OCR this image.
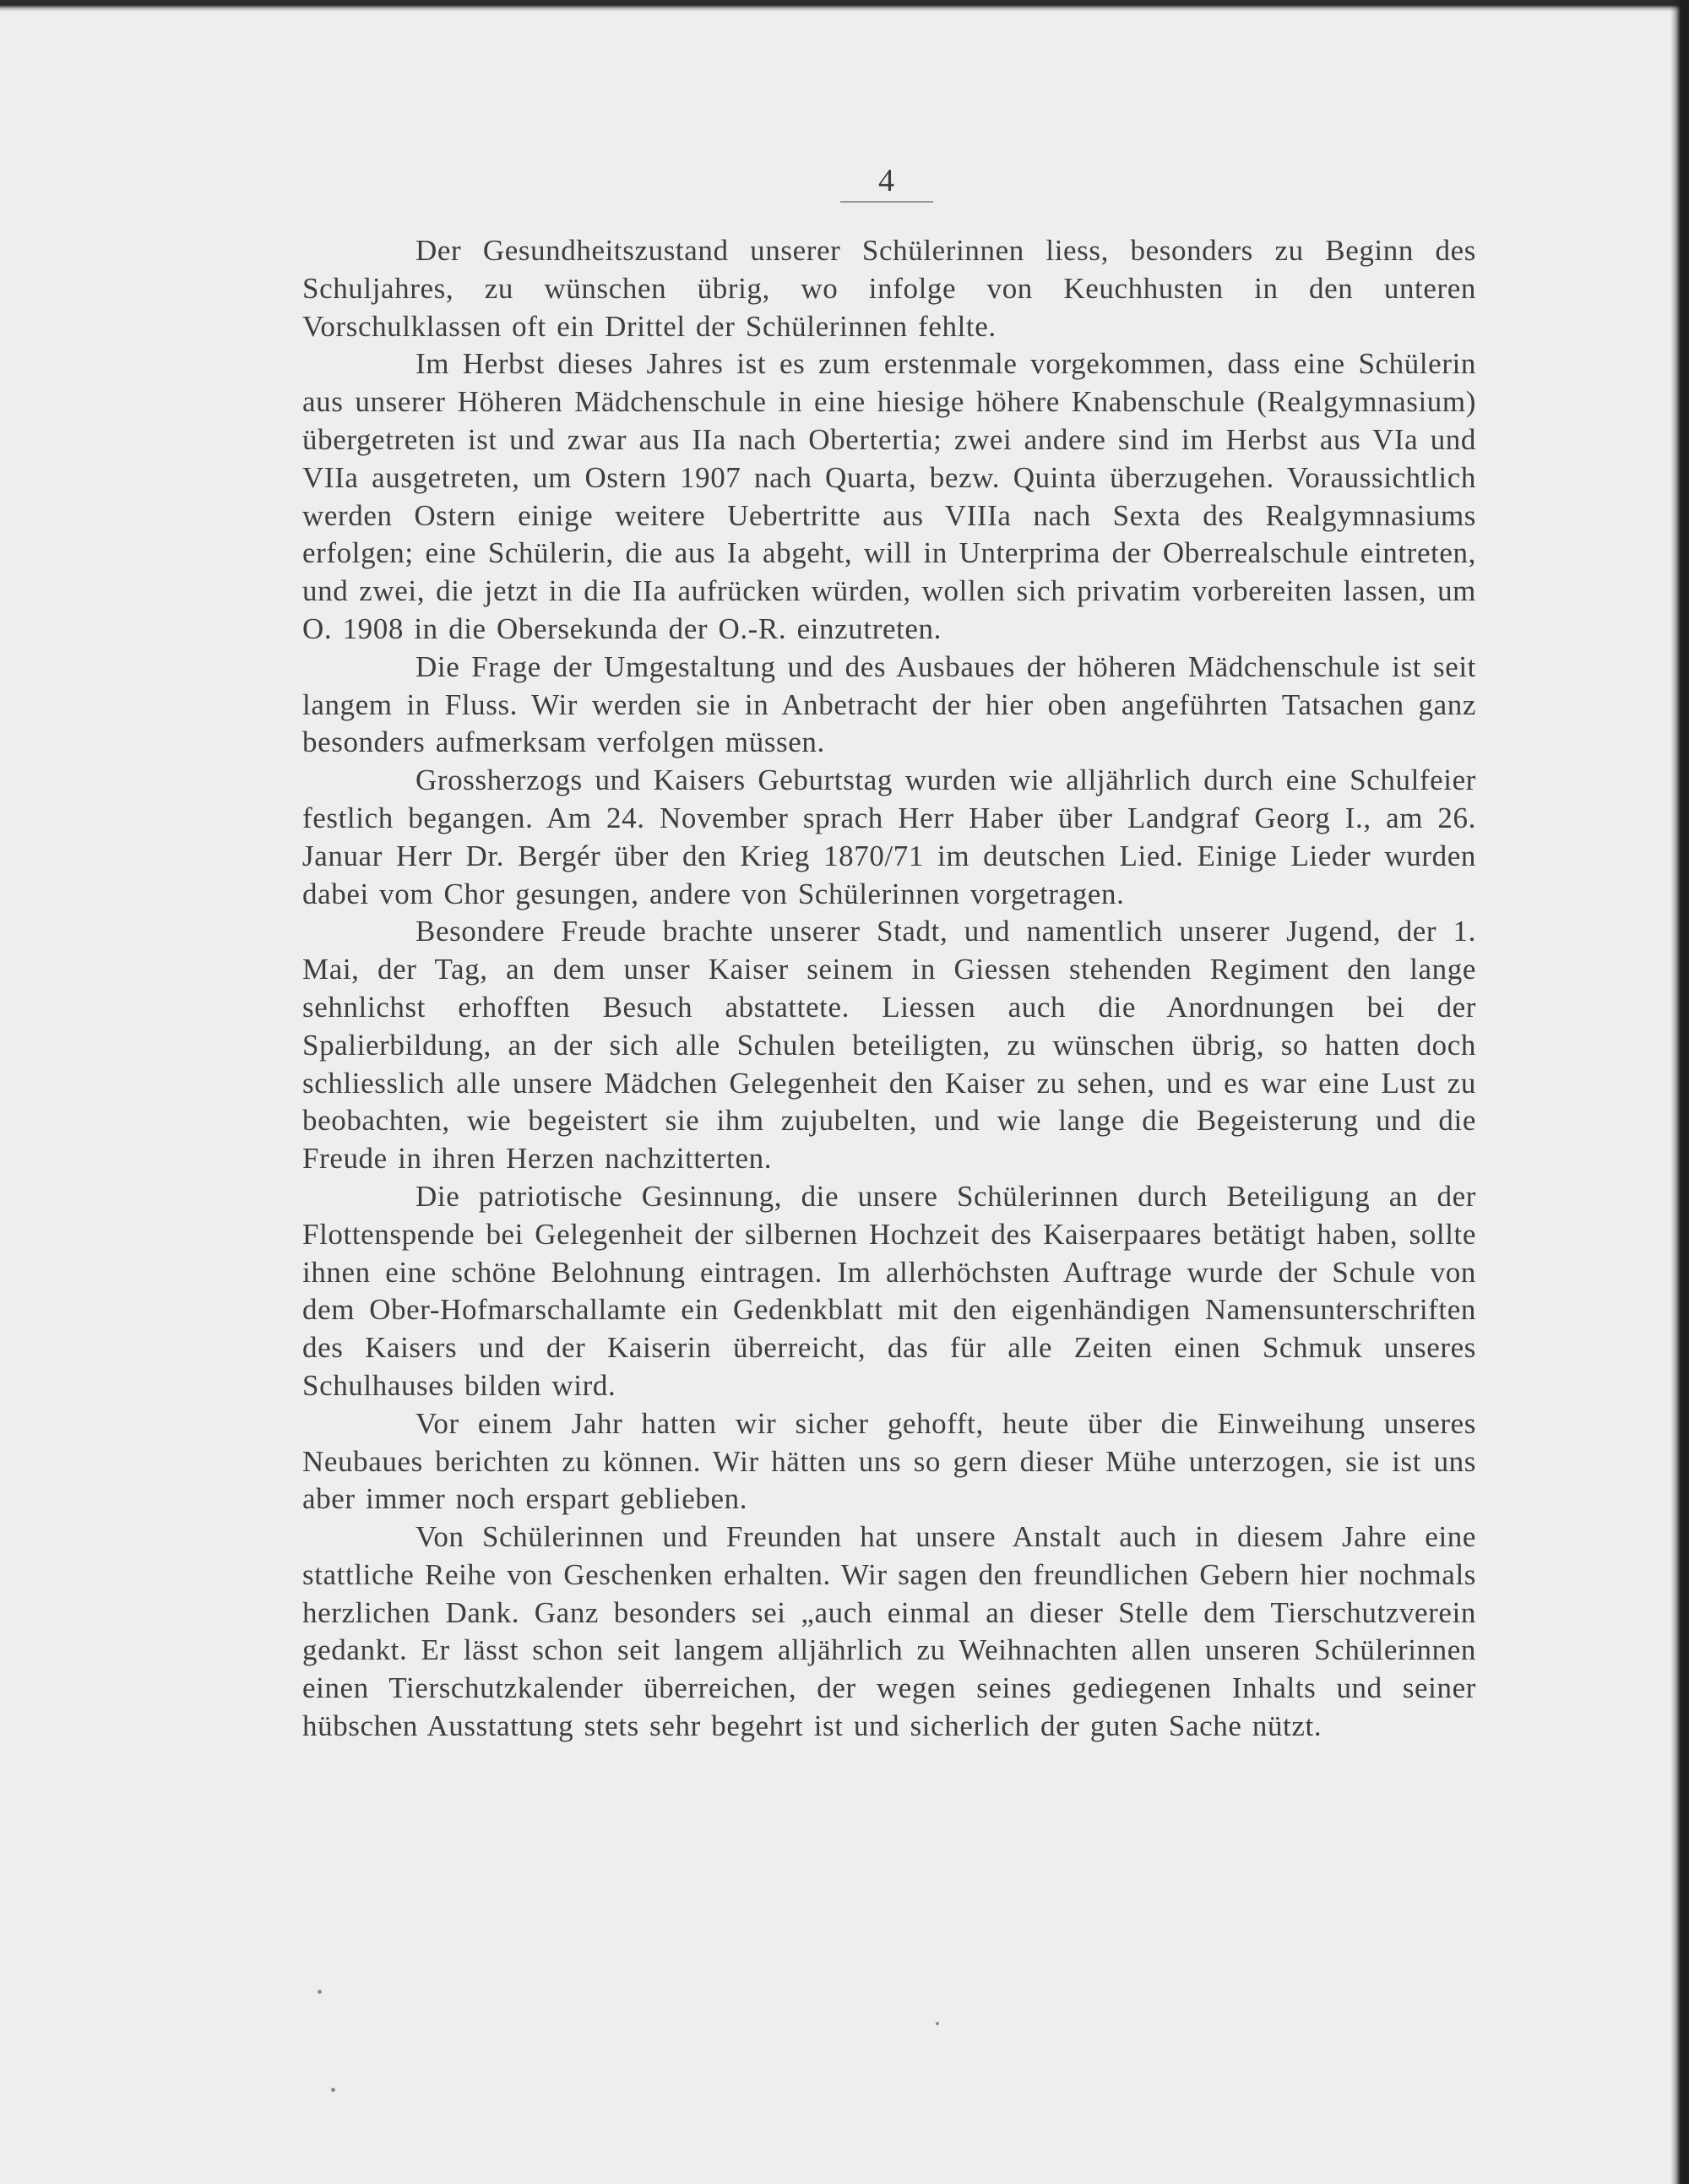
4

Der Gesundheitszustand unserer Schülerinnen liess, besonders zu Beginn des Schuljahres, zu wünschen übrig, wo infolge von Keuchhusten in den unteren Vorschulklassen oft ein Drittel der Schülerinnen fehlte.

Im Herbst dieses Jahres ist es zum erstenmale vorgekommen, dass eine Schülerin aus unserer Höheren Mädchenschule in eine hiesige höhere Knabenschule (Realgymnasium) übergetreten ist und zwar aus IIa nach Obertertia; zwei andere sind im Herbst aus VIa und VIIa ausgetreten, um Ostern 1907 nach Quarta, bezw. Quinta überzugehen. Voraussichtlich werden Ostern einige weitere Uebertritte aus VIIIa nach Sexta des Realgymnasiums erfolgen; eine Schülerin, die aus Ia abgeht, will in Unterprima der Oberrealschule eintreten, und zwei, die jetzt in die IIa aufrücken würden, wollen sich privatim vorbereiten lassen, um O. 1908 in die Obersekunda der O.-R. einzutreten.

Die Frage der Umgestaltung und des Ausbaues der höheren Mädchenschule ist seit langem in Fluss. Wir werden sie in Anbetracht der hier oben angeführten Tatsachen ganz besonders aufmerksam verfolgen müssen.

Grossherzogs und Kaisers Geburtstag wurden wie alljährlich durch eine Schulfeier festlich begangen. Am 24. November sprach Herr Haber über Landgraf Georg I., am 26. Januar Herr Dr. Bergér über den Krieg 1870/71 im deutschen Lied. Einige Lieder wurden dabei vom Chor gesungen, andere von Schülerinnen vorgetragen.

Besondere Freude brachte unserer Stadt, und namentlich unserer Jugend, der 1. Mai, der Tag, an dem unser Kaiser seinem in Giessen stehenden Regiment den lange sehnlichst erhofften Besuch abstattete. Liessen auch die Anordnungen bei der Spalierbildung, an der sich alle Schulen beteiligten, zu wünschen übrig, so hatten doch schliesslich alle unsere Mädchen Gelegenheit den Kaiser zu sehen, und es war eine Lust zu beobachten, wie begeistert sie ihm zujubelten, und wie lange die Begeisterung und die Freude in ihren Herzen nachzitterten.

Die patriotische Gesinnung, die unsere Schülerinnen durch Beteiligung an der Flottenspende bei Gelegenheit der silbernen Hochzeit des Kaiserpaares betätigt haben, sollte ihnen eine schöne Belohnung eintragen. Im allerhöchsten Auftrage wurde der Schule von dem Ober-Hofmarschallamte ein Gedenkblatt mit den eigenhändigen Namensunterschriften des Kaisers und der Kaiserin überreicht, das für alle Zeiten einen Schmuk unseres Schulhauses bilden wird.

Vor einem Jahr hatten wir sicher gehofft, heute über die Einweihung unseres Neubaues berichten zu können. Wir hätten uns so gern dieser Mühe unterzogen, sie ist uns aber immer noch erspart geblieben.

Von Schülerinnen und Freunden hat unsere Anstalt auch in diesem Jahre eine stattliche Reihe von Geschenken erhalten. Wir sagen den freundlichen Gebern hier nochmals herzlichen Dank. Ganz besonders sei „auch einmal an dieser Stelle dem Tierschutzverein gedankt. Er lässt schon seit langem alljährlich zu Weihnachten allen unseren Schülerinnen einen Tierschutzkalender überreichen, der wegen seines gediegenen Inhalts und seiner hübschen Ausstattung stets sehr begehrt ist und sicherlich der guten Sache nützt.
